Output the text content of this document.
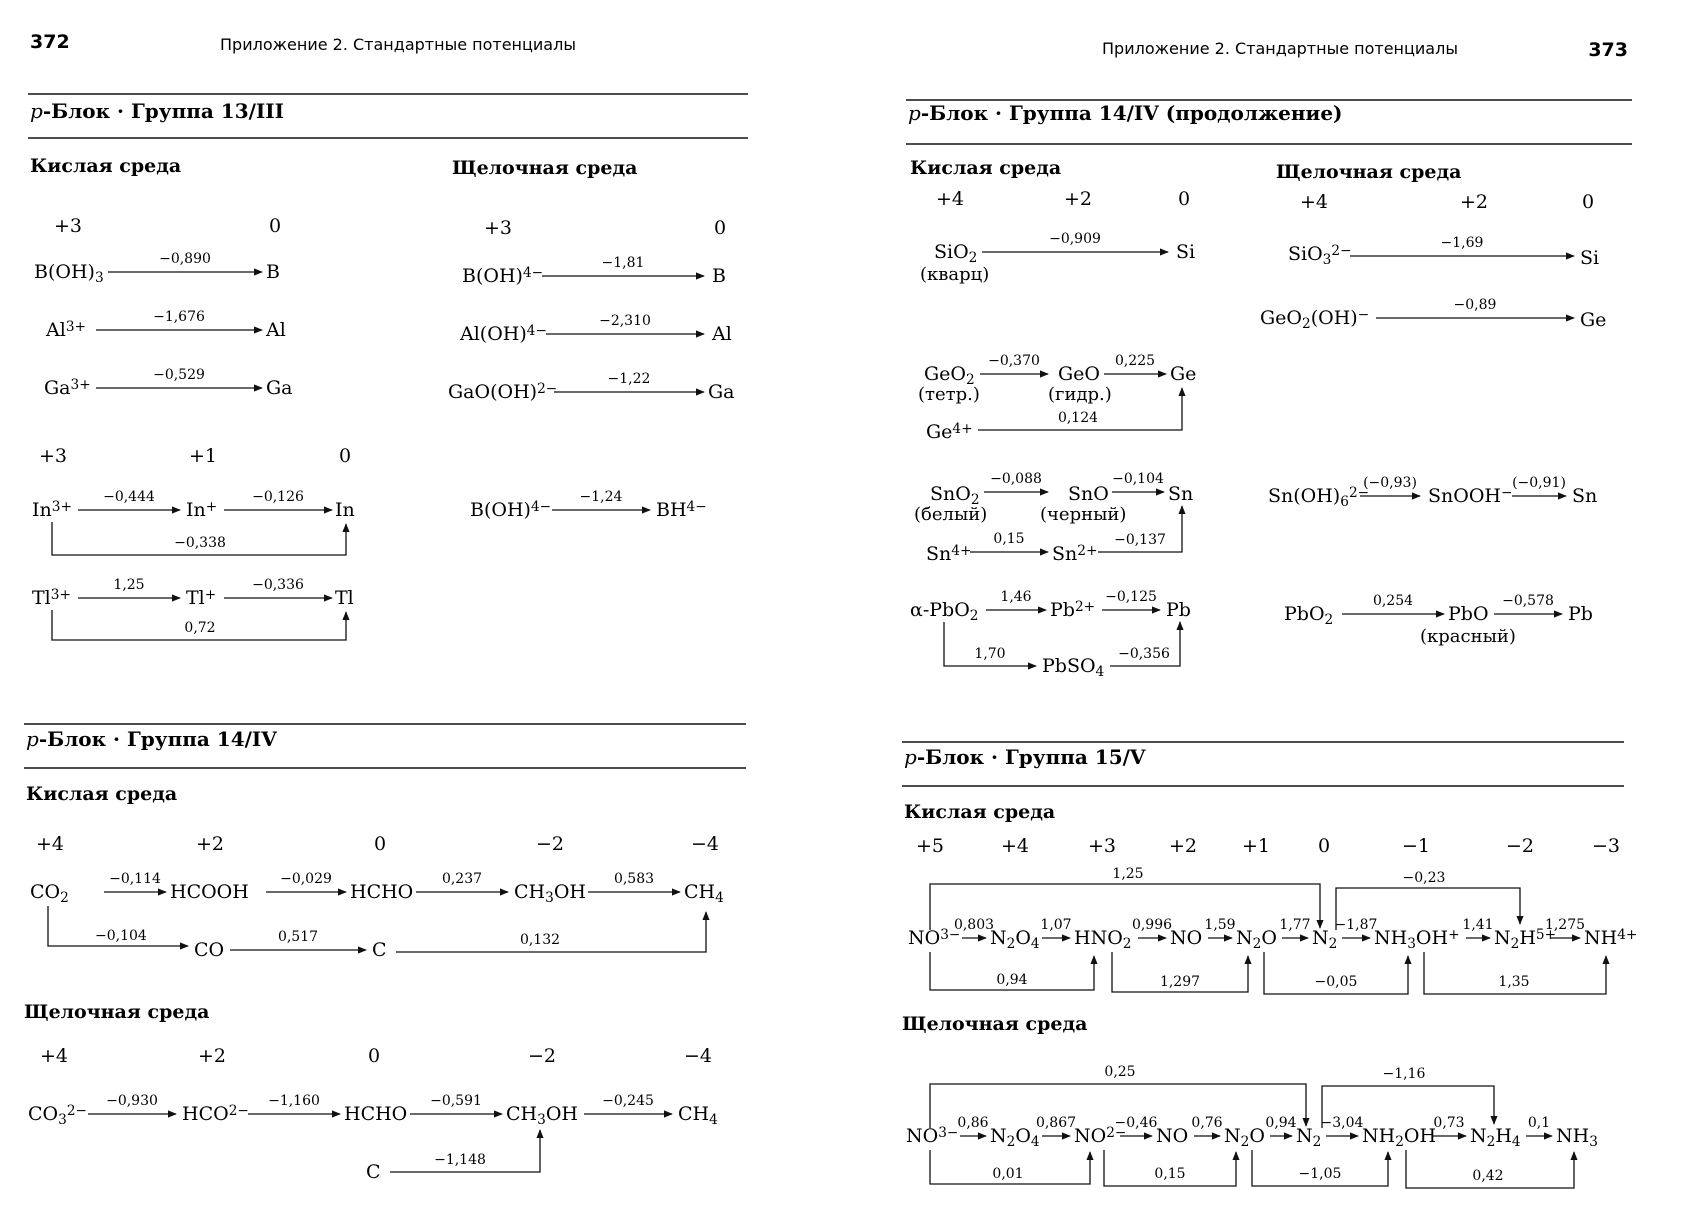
372	Приложение 2. Стандартные потенциалы
p-Блок · Группа 13/III
Кислая среда	Щелочная среда
+3	0
B(OH)3
−0,890
B
Al3+
−1,676
Al
Ga3+
−0,529
Ga
+3	+1	0
In3+
−0,444
In+
−0,126
In
−0,338
Tl3+
1,25
Tl+
−0,336
Tl
0,72
+3	0
B(OH)4−
−1,81
B
Al(OH)4−
−2,310
Al
GaO(OH)2−
−1,22
Ga
B(OH)4−
−1,24
BH4−
p-Блок · Группа 14/IV
Кислая среда
+4	+2	0	−2	−4
CO2	HCOOH	HCHO	CH3OH	CH4
−0,114	−0,029	0,237	0,583
−0,104
CO
0,517
C	0,132
Щелочная среда
+4	+2	0	−2	−4
CO32−	HCO2−	HCHO	CH3OH	CH4
−0,930	−1,160	−0,591	−0,245
C
−1,148
Приложение 2. Стандартные потенциалы	373
p-Блок · Группа 14/IV (продолжение)
Кислая среда	Щелочная среда
+4	+2	0	+4	+2	0
SiO2
(кварц)
−0,909
Si	SiO32−	−1,69
Si
GeO2(OH)−
−0,89
Ge
GeO2
(тетр.)
−0,370
GeO
(гидр.)
0,225
Ge
Ge4+
0,124
SnO2
(белый)
−0,088
SnO
(черный)
−0,104
Sn
Sn4+
0,15
Sn2+
−0,137
Sn(OH)62−
(−0,93)
SnOOH−
(−0,91)
Sn
α-PbO2
1,46
Pb2+
−0,125
Pb
1,70
PbSO4
−0,356
PbO2
0,254
PbO
(красный)
−0,578
Pb
p-Блок · Группа 15/V
Кислая среда
+5	+4	+3	+2 +1	0	−1	−2	−3
NO3− N2O4 HNO2 NO N2O N2 NH3OH+ N2H5+ NH4+
0,803	1,07	0,996 1,59	1,77 −1,87	1,41	1,275
1,25	−0,23
0,94	1,297	−0,05	1,35
Щелочная среда
NO3− N2O4 NO2− NO N2O N2 NH2OH N2H4 NH3
0,86	0,867	−0,46 0,76	0,94 −3,04	0,73	0,1
0,25	−1,16
0,01	0,15	−1,05	0,42
